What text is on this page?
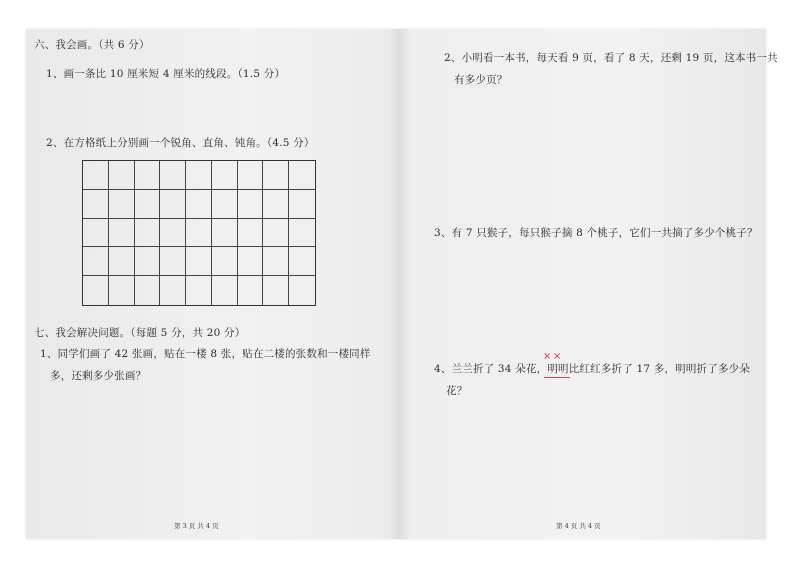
六、我会画。（共 6 分）
1、画一条比 10 厘米短 4 厘米的线段。（1.5 分）
2、在方格纸上分别画一个锐角、直角、钝角。（4.5 分）
七、我会解决问题。（每题 5 分，共 20 分）
1、同学们画了 42 张画，贴在一楼 8 张，贴在二楼的张数和一楼同样
多，还剩多少张画？
第 3 页 共 4 页
2、小明看一本书，每天看 9 页，看了 8 天，还剩 19 页，这本书一共
有多少页？
3、有 7 只猴子，每只猴子摘 8 个桃子，它们一共摘了多少个桃子？
4、兰兰折了 34 朵花，明明比红红多折了 17 多，明明折了多少朵
花？
× ×
第 4 页 共 4 页
